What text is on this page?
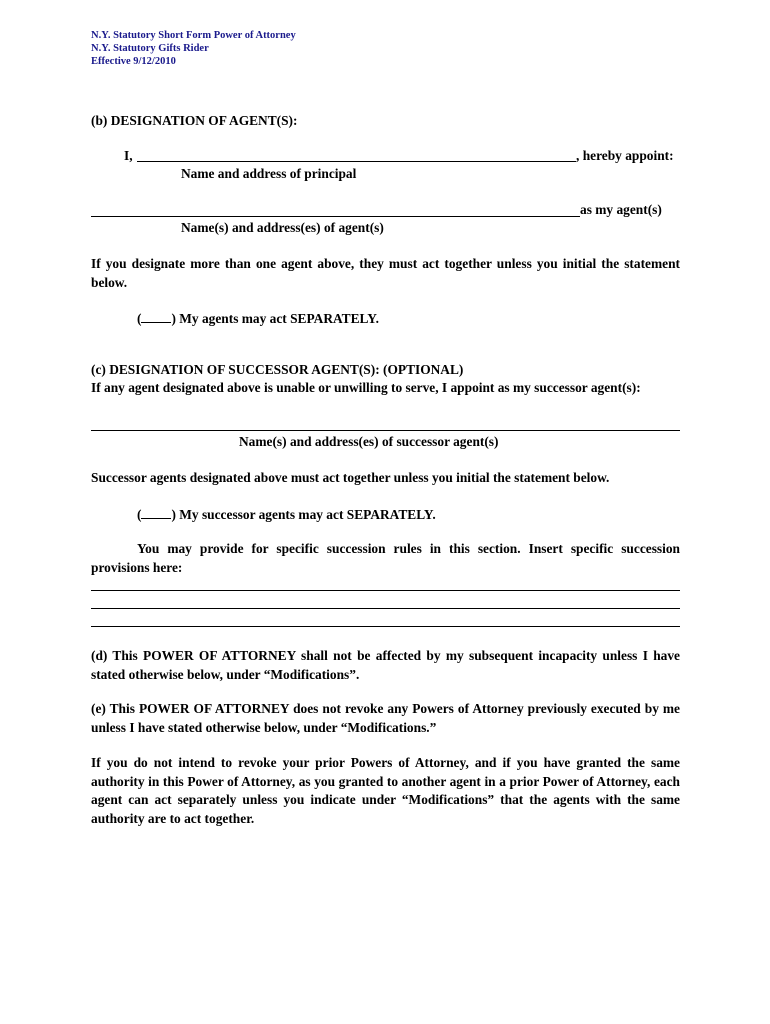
N.Y. Statutory Short Form Power of Attorney
N.Y. Statutory Gifts Rider
Effective 9/12/2010
(b) DESIGNATION OF AGENT(S):
I,	, hereby appoint:
Name and address of principal
as my agent(s)
Name(s) and address(es) of agent(s)
If you designate more than one agent above, they must act together unless you initial the statement below.
( ) My agents may act SEPARATELY.
(c) DESIGNATION OF SUCCESSOR AGENT(S): (OPTIONAL)
If any agent designated above is unable or unwilling to serve, I appoint as my successor agent(s):
Name(s) and address(es) of successor agent(s)
Successor agents designated above must act together unless you initial the statement below.
( ) My successor agents may act SEPARATELY.
You may provide for specific succession rules in this section. Insert specific succession provisions here:
(d) This POWER OF ATTORNEY shall not be affected by my subsequent incapacity unless I have stated otherwise below, under “Modifications”.
(e) This POWER OF ATTORNEY does not revoke any Powers of Attorney previously executed by me unless I have stated otherwise below, under “Modifications.”
If you do not intend to revoke your prior Powers of Attorney, and if you have granted the same authority in this Power of Attorney, as you granted to another agent in a prior Power of Attorney, each agent can act separately unless you indicate under “Modifications” that the agents with the same authority are to act together.
